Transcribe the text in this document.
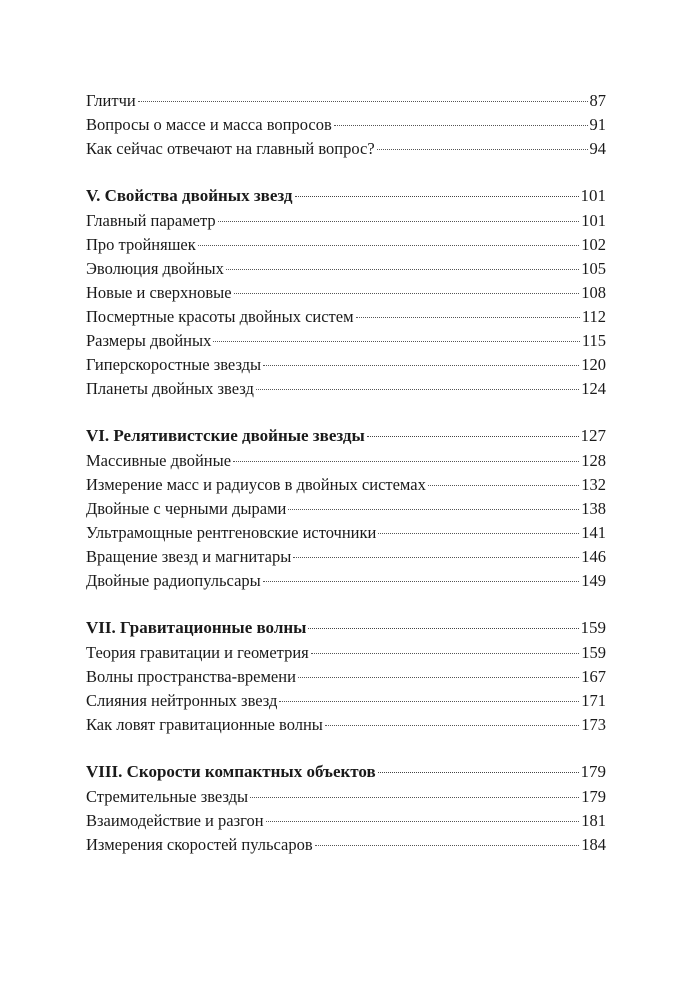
Глитчи	87
Вопросы о массе и масса вопросов	91
Как сейчас отвечают на главный вопрос?	94
V. Свойства двойных звезд	101
Главный параметр	101
Про тройняшек	102
Эволюция двойных	105
Новые и сверхновые	108
Посмертные красоты двойных систем	112
Размеры двойных	115
Гиперскоростные звезды	120
Планеты двойных звезд	124
VI. Релятивистские двойные звезды	127
Массивные двойные	128
Измерение масс и радиусов в двойных системах	132
Двойные с черными дырами	138
Ультрамощные рентгеновские источники	141
Вращение звезд и магнитары	146
Двойные радиопульсары	149
VII. Гравитационные волны	159
Теория гравитации и геометрия	159
Волны пространства-времени	167
Слияния нейтронных звезд	171
Как ловят гравитационные волны	173
VIII. Скорости компактных объектов	179
Стремительные звезды	179
Взаимодействие и разгон	181
Измерения скоростей пульсаров	184
